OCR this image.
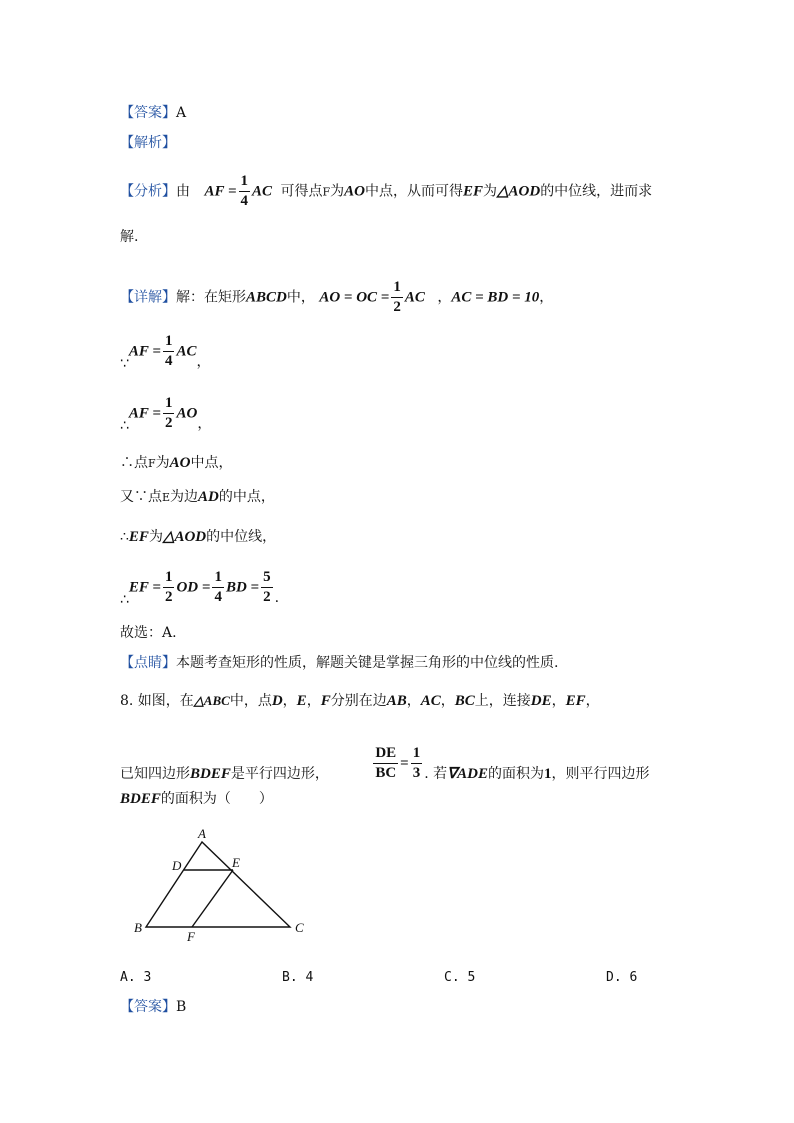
【答案】A
【解析】
【分析】由 AF = $\frac{1}{4}$ AC 可得点F为AO中点，从而可得EF为△AOD的中位线，进而求
解.
【详解】解：在矩形ABCD中， AO = OC = $\frac{1}{2}$ AC ，AC = BD = 10，
∵AF = $\frac{1}{4}$ AC，
∴AF = $\frac{1}{2}$ AO，
∴点F为AO中点，
又∵点E为边AD的中点，
∴EF为△AOD的中位线，
∴EF = $\frac{1}{2}$ OD = $\frac{1}{4}$ BD = $\frac{5}{2}$ .
故选：A.
【点睛】本题考查矩形的性质，解题关键是掌握三角形的中位线的性质.
8. 如图，在△ABC中，点D，E，F分别在边AB，AC，BC上，连接DE，EF，
已知四边形BDEF是平行四边形，	$\frac{DE}{BC} = \frac{1}{3}$ . 若∇ADE的面积为1，则平行四边形
BDEF的面积为（　　）
A
B	C
D	E
F
A. 3	B. 4	C. 5	D. 6
【答案】B
